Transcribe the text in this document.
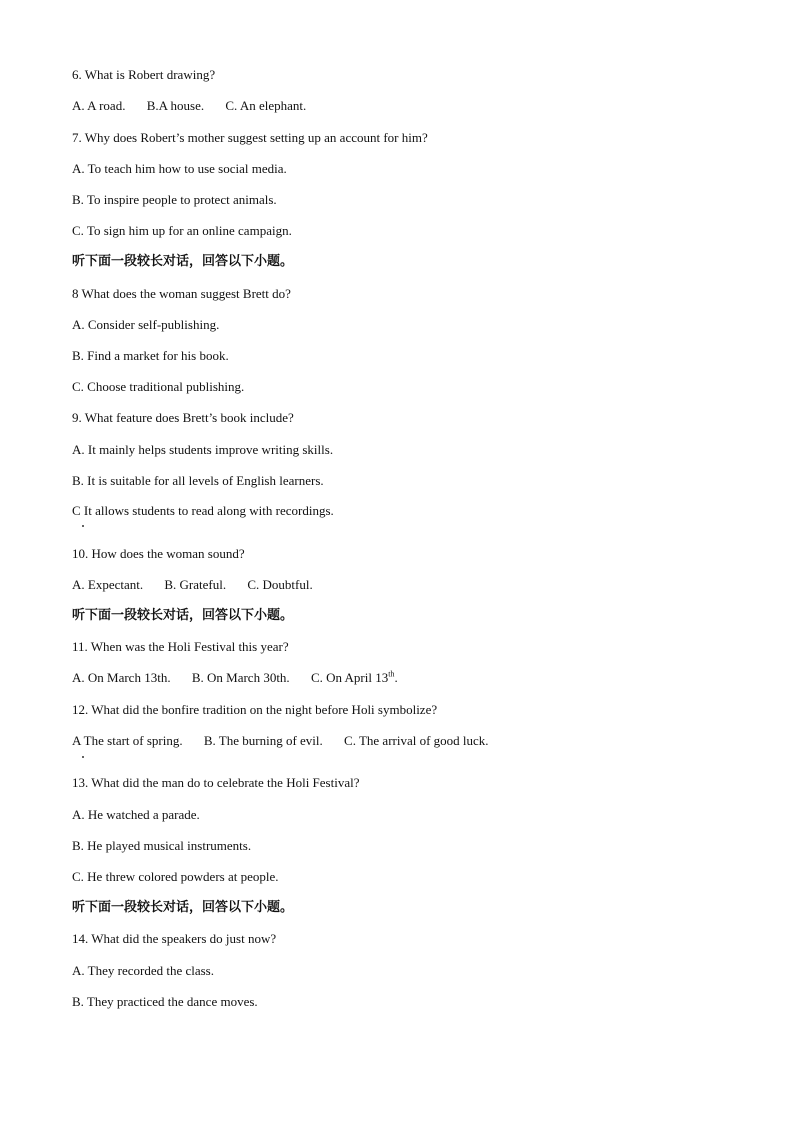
6. What is Robert drawing?
A. A road. B.A house. C. An elephant.
7. Why does Robert’s mother suggest setting up an account for him?
A. To teach him how to use social media.
B. To inspire people to protect animals.
C. To sign him up for an online campaign.
听下面一段较长对话，回答以下小题。
8 What does the woman suggest Brett do?
A. Consider self-publishing.
B. Find a market for his book.
C. Choose traditional publishing.
9. What feature does Brett’s book include?
A. It mainly helps students improve writing skills.
B. It is suitable for all levels of English learners.
C It allows students to read along with recordings.
10. How does the woman sound?
A. Expectant. B. Grateful. C. Doubtful.
听下面一段较长对话，回答以下小题。
11. When was the Holi Festival this year?
A. On March 13th. B. On March 30th. C. On April 13th.
12. What did the bonfire tradition on the night before Holi symbolize?
A The start of spring. B. The burning of evil. C. The arrival of good luck.
13. What did the man do to celebrate the Holi Festival?
A. He watched a parade.
B. He played musical instruments.
C. He threw colored powders at people.
听下面一段较长对话，回答以下小题。
14. What did the speakers do just now?
A. They recorded the class.
B. They practiced the dance moves.
